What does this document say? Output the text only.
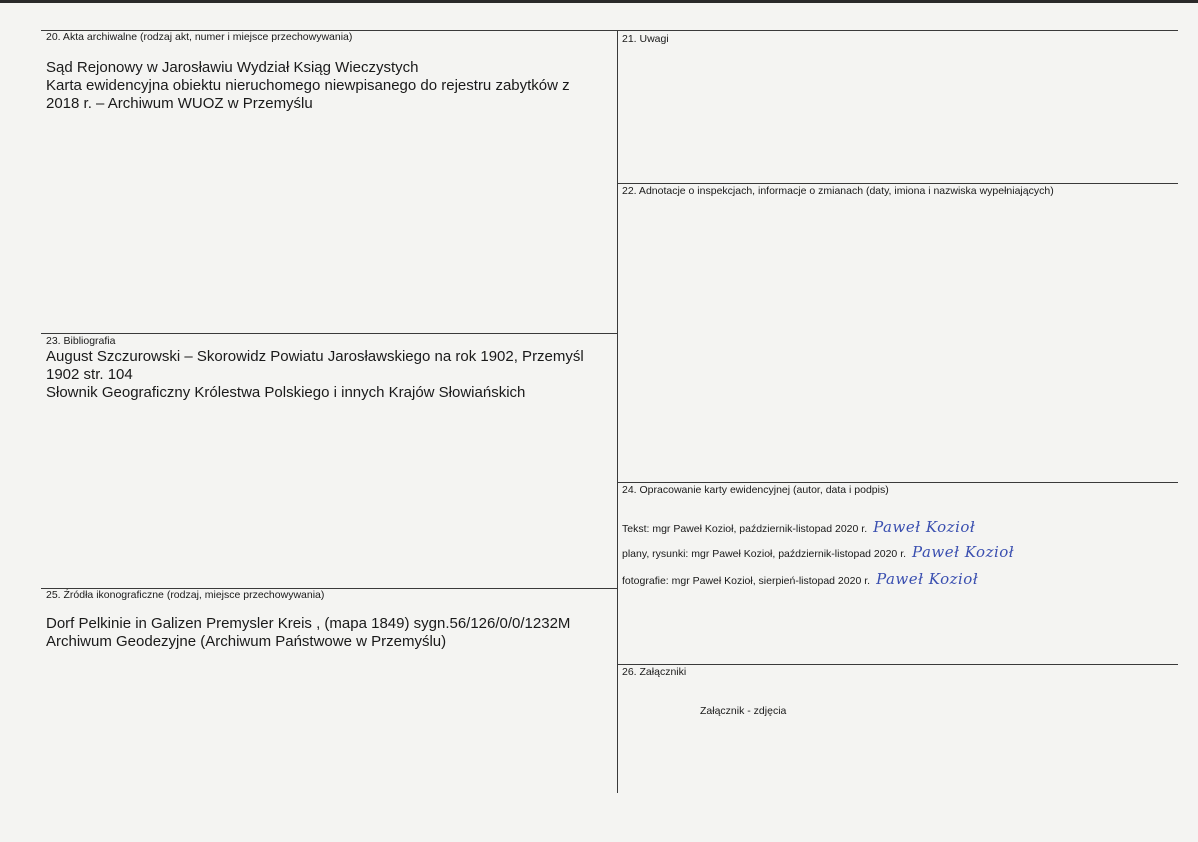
20. Akta archiwalne (rodzaj akt, numer i miejsce przechowywania)
Sąd Rejonowy w Jarosławiu Wydział Ksiąg Wieczystych
Karta ewidencyjna obiektu nieruchomego niewpisanego do rejestru zabytków z
2018 r. – Archiwum WUOZ w Przemyślu
21. Uwagi
22. Adnotacje o inspekcjach, informacje o zmianach (daty, imiona i nazwiska wypełniających)
23. Bibliografia
August Szczurowski – Skorowidz Powiatu Jarosławskiego na rok 1902, Przemyśl
1902 str. 104
Słownik Geograficzny Królestwa Polskiego i innych Krajów Słowiańskich
24. Opracowanie karty ewidencyjnej (autor, data i podpis)
Tekst: mgr Paweł Kozioł, październik-listopad 2020 r. Paweł Kozioł
plany, rysunki: mgr Paweł Kozioł, październik-listopad 2020 r. Paweł Kozioł
fotografie: mgr Paweł Kozioł, sierpień-listopad 2020 r. Paweł Kozioł
25. Źródła ikonograficzne (rodzaj, miejsce przechowywania)
Dorf Pelkinie in Galizen Premysler Kreis , (mapa 1849) sygn.56/126/0/0/1232M
Archiwum Geodezyjne (Archiwum Państwowe w Przemyślu)
26. Załączniki
Załącznik - zdjęcia
